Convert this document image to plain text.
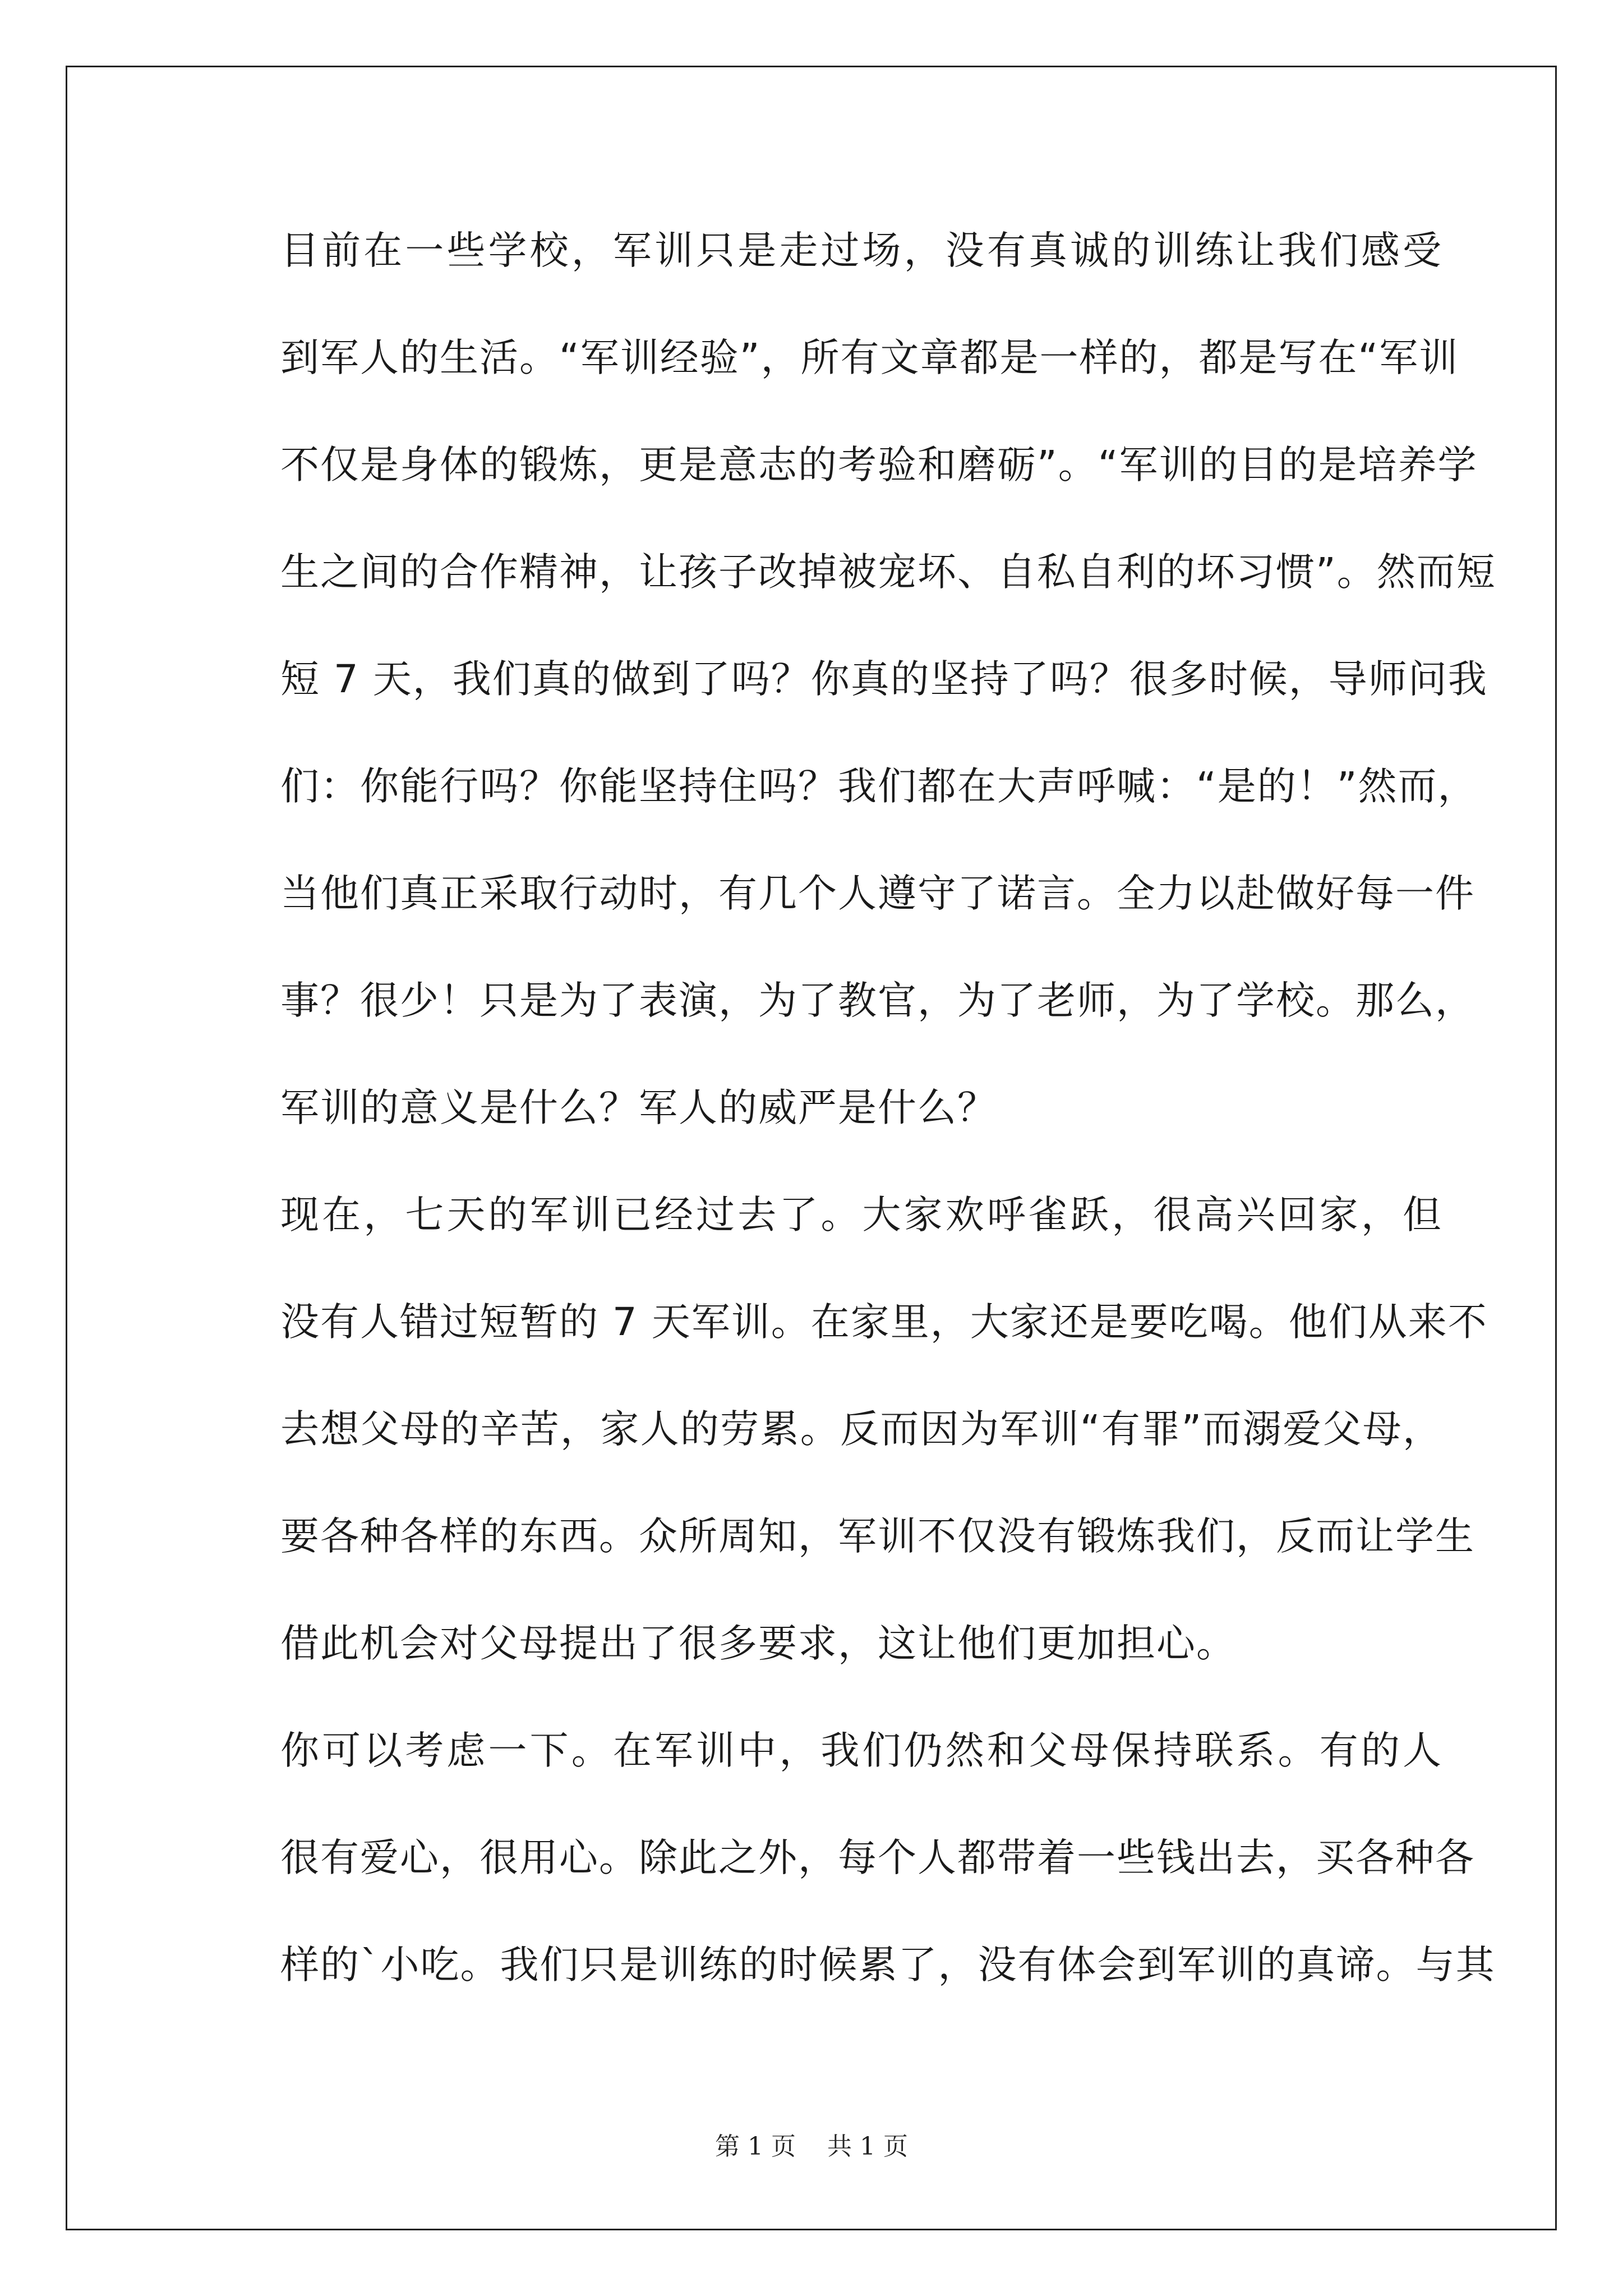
目前在一些学校，军训只是走过场，没有真诚的训练让我们感受
到军人的生活。“军训经验”，所有文章都是一样的，都是写在“军训
不仅是身体的锻炼，更是意志的考验和磨砺”。“军训的目的是培养学
生之间的合作精神，让孩子改掉被宠坏、自私自利的坏习惯”。然而短
短 7 天，我们真的做到了吗？你真的坚持了吗？很多时候，导师问我
们：你能行吗？你能坚持住吗？我们都在大声呼喊：“是的！”然而，
当他们真正采取行动时，有几个人遵守了诺言。全力以赴做好每一件
事？很少！只是为了表演，为了教官，为了老师，为了学校。那么，
军训的意义是什么？军人的威严是什么？

现在，七天的军训已经过去了。大家欢呼雀跃，很高兴回家，但
没有人错过短暂的 7 天军训。在家里，大家还是要吃喝。他们从来不
去想父母的辛苦，家人的劳累。反而因为军训“有罪”而溺爱父母，
要各种各样的东西。众所周知，军训不仅没有锻炼我们，反而让学生
借此机会对父母提出了很多要求，这让他们更加担心。

你可以考虑一下。在军训中，我们仍然和父母保持联系。有的人
很有爱心，很用心。除此之外，每个人都带着一些钱出去，买各种各
样的`小吃。我们只是训练的时候累了，没有体会到军训的真谛。与其

第 1 页 共 1 页
